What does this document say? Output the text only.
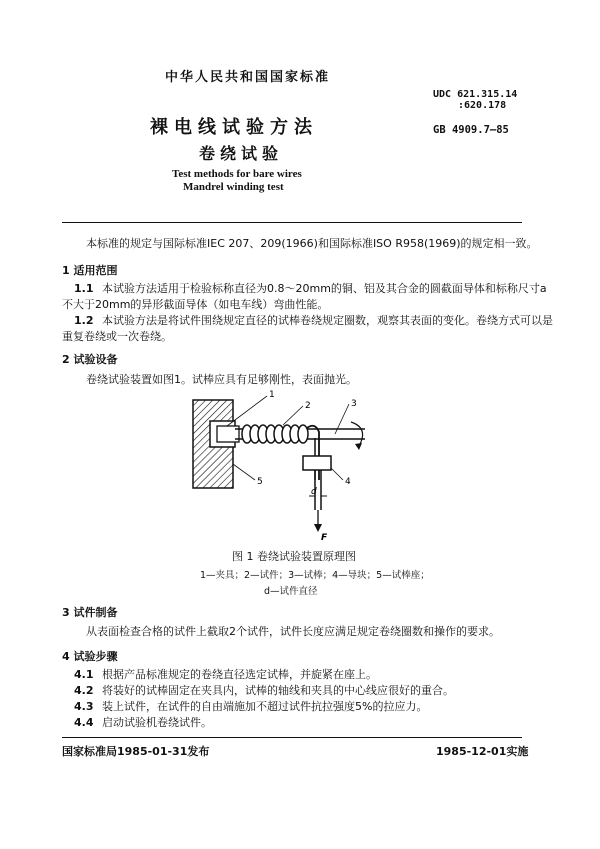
中华人民共和国国家标准
UDC 621.315.14
:620.178
GB 4909.7—85
裸电线试验方法
卷绕试验
Test methods for bare wires
Mandrel winding test
本标准的规定与国际标准IEC 207、209(1966)和国际标准ISO R958(1969)的规定相一致。
1 适用范围
1.1 本试验方法适用于检验标称直径为0.8～20mm的铜、铝及其合金的圆截面导体和标称尺寸a
不大于20mm的异形截面导体（如电车线）弯曲性能。
1.2 本试验方法是将试件围绕规定直径的试棒卷绕规定圈数，观察其表面的变化。卷绕方式可以是
重复卷绕或一次卷绕。
2 试验设备
卷绕试验装置如图1。试棒应具有足够刚性，表面抛光。
1
2	3
4
5
d
F
图 1 卷绕试验装置原理图
1—夹具；2—试件；3—试棒；4—导块；5—试棒座；
d—试件直径
3 试件制备
从表面检查合格的试件上截取2个试件，试件长度应满足规定卷绕圈数和操作的要求。
4 试验步骤
4.1 根据产品标准规定的卷绕直径选定试棒，并旋紧在座上。
4.2 将装好的试棒固定在夹具内，试棒的轴线和夹具的中心线应很好的重合。
4.3 装上试件，在试件的自由端施加不超过试件抗拉强度5%的拉应力。
4.4 启动试验机卷绕试件。
国家标准局1985-01-31发布	1985-12-01实施
